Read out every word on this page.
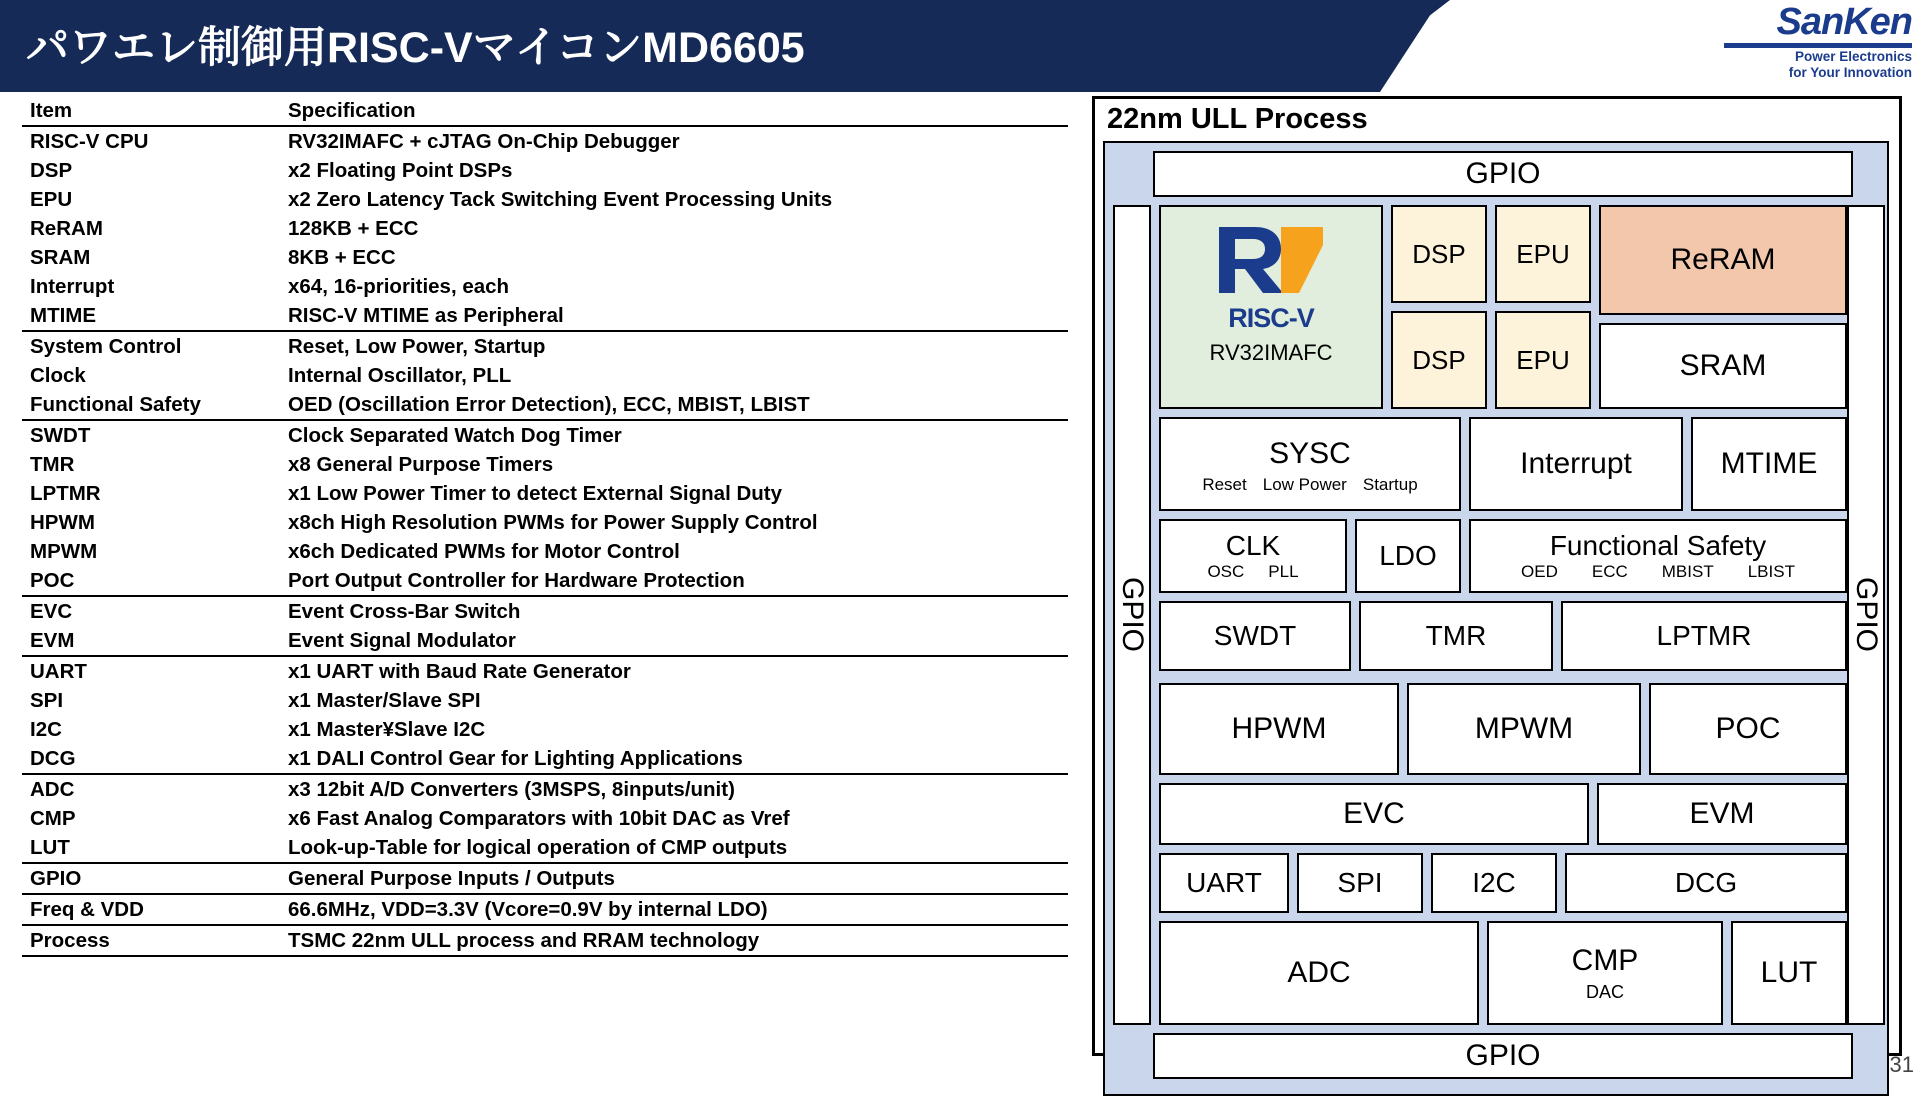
パワエレ制御用RISC-VマイコンMD6605
SanKen
Power Electronics
for Your Innovation
Item	Specification
RISC-V CPU	RV32IMAFC + cJTAG On-Chip Debugger
DSP	x2 Floating Point DSPs
EPU	x2 Zero Latency Tack Switching Event Processing Units
ReRAM	128KB + ECC
SRAM	8KB + ECC
Interrupt	x64, 16-priorities, each
MTIME	RISC-V MTIME as Peripheral
System Control	Reset, Low Power, Startup
Clock	Internal Oscillator, PLL
Functional Safety	OED (Oscillation Error Detection), ECC, MBIST, LBIST
SWDT	Clock Separated Watch Dog Timer
TMR	x8 General Purpose Timers
LPTMR	x1 Low Power Timer to detect External Signal Duty
HPWM	x8ch High Resolution PWMs for Power Supply Control
MPWM	x6ch Dedicated PWMs for Motor Control
POC	Port Output Controller for Hardware Protection
EVC	Event Cross-Bar Switch
EVM	Event Signal Modulator
UART	x1 UART with Baud Rate Generator
SPI	x1 Master/Slave SPI
I2C	x1 Master¥Slave I2C
DCG	x1 DALI Control Gear for Lighting Applications
ADC	x3 12bit A/D Converters (3MSPS, 8inputs/unit)
CMP	x6 Fast Analog Comparators with 10bit DAC as Vref
LUT	Look-up-Table for logical operation of CMP outputs
GPIO	General Purpose Inputs / Outputs
Freq & VDD	66.6MHz, VDD=3.3V (Vcore=0.9V by internal LDO)
Process	TSMC 22nm ULL process and RRAM technology
22nm ULL Process
GPIO
GPIO	GPIO
RISC-V
RV32IMAFC
DSP EPU
DSP EPU
ReRAM
SRAM
SYSC
Reset Low Power Startup
Interrupt	MTIME
CLK
OSC PLL
LDO	Functional Safety
OED ECC MBIST LBIST
SWDT	TMR	LPTMR
HPWM	MPWM	POC
EVC	EVM
UART	SPI	I2C	DCG
ADC	CMP
DAC
LUT
GPIO	31
